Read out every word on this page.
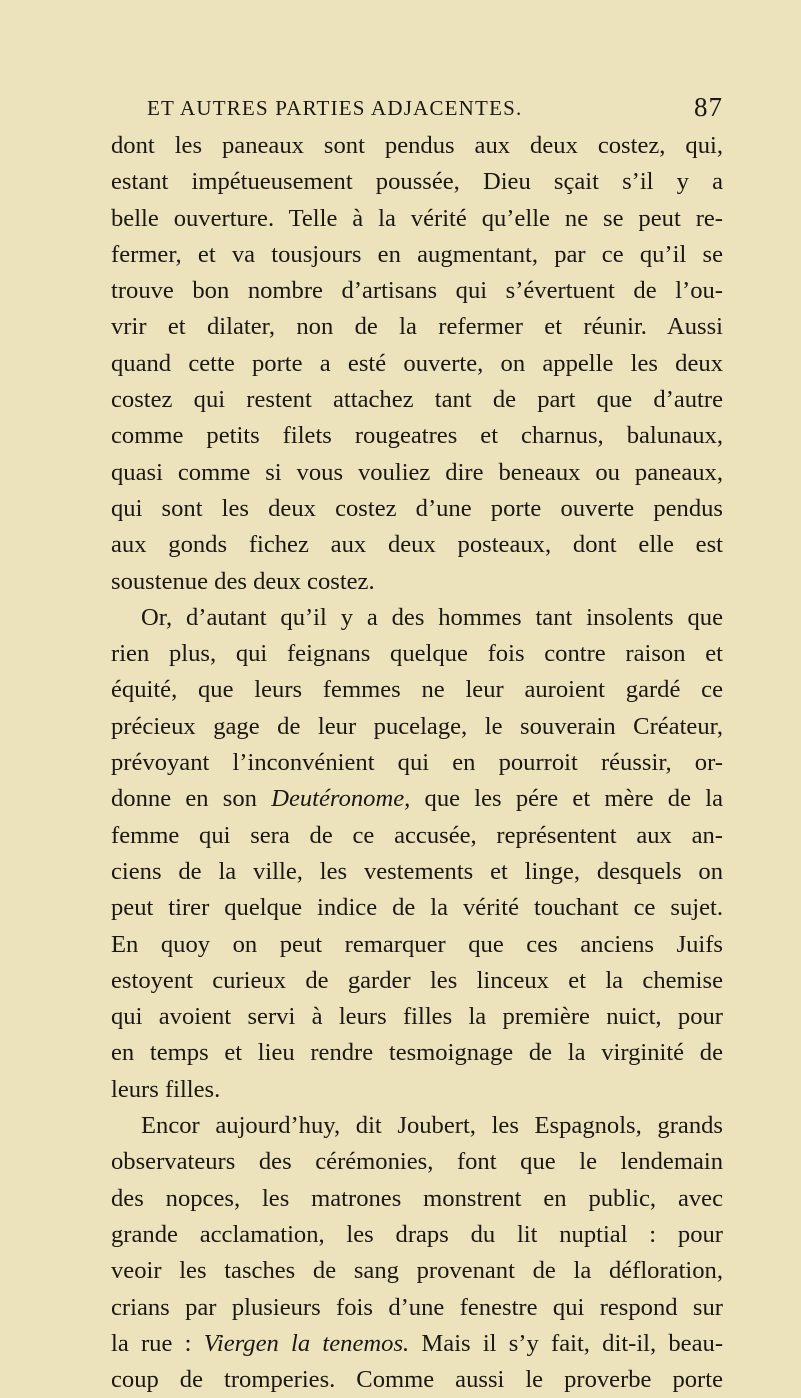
ET AUTRES PARTIES ADJACENTES.	87
dont les paneaux sont pendus aux deux costez, qui,
estant impétueusement poussée, Dieu sçait s’il y a
belle ouverture. Telle à la vérité qu’elle ne se peut re-
fermer, et va tousjours en augmentant, par ce qu’il se
trouve bon nombre d’artisans qui s’évertuent de l’ou-
vrir et dilater, non de la refermer et réunir. Aussi
quand cette porte a esté ouverte, on appelle les deux
costez qui restent attachez tant de part que d’autre
comme petits filets rougeatres et charnus, balunaux,
quasi comme si vous vouliez dire beneaux ou paneaux,
qui sont les deux costez d’une porte ouverte pendus
aux gonds fichez aux deux posteaux, dont elle est
soustenue des deux costez.
Or, d’autant qu’il y a des hommes tant insolents que
rien plus, qui feignans quelque fois contre raison et
équité, que leurs femmes ne leur auroient gardé ce
précieux gage de leur pucelage, le souverain Créateur,
prévoyant l’inconvénient qui en pourroit réussir, or-
donne en son Deutéronome, que les pére et mère de la
femme qui sera de ce accusée, représentent aux an-
ciens de la ville, les vestements et linge, desquels on
peut tirer quelque indice de la vérité touchant ce sujet.
En quoy on peut remarquer que ces anciens Juifs
estoyent curieux de garder les linceux et la chemise
qui avoient servi à leurs filles la première nuict, pour
en temps et lieu rendre tesmoignage de la virginité de
leurs filles.
Encor aujourd’huy, dit Joubert, les Espagnols, grands
observateurs des cérémonies, font que le lendemain
des nopces, les matrones monstrent en public, avec
grande acclamation, les draps du lit nuptial : pour
veoir les tasches de sang provenant de la défloration,
crians par plusieurs fois d’une fenestre qui respond sur
la rue : Viergen la tenemos. Mais il s’y fait, dit-il, beau-
coup de tromperies. Comme aussi le proverbe porte
